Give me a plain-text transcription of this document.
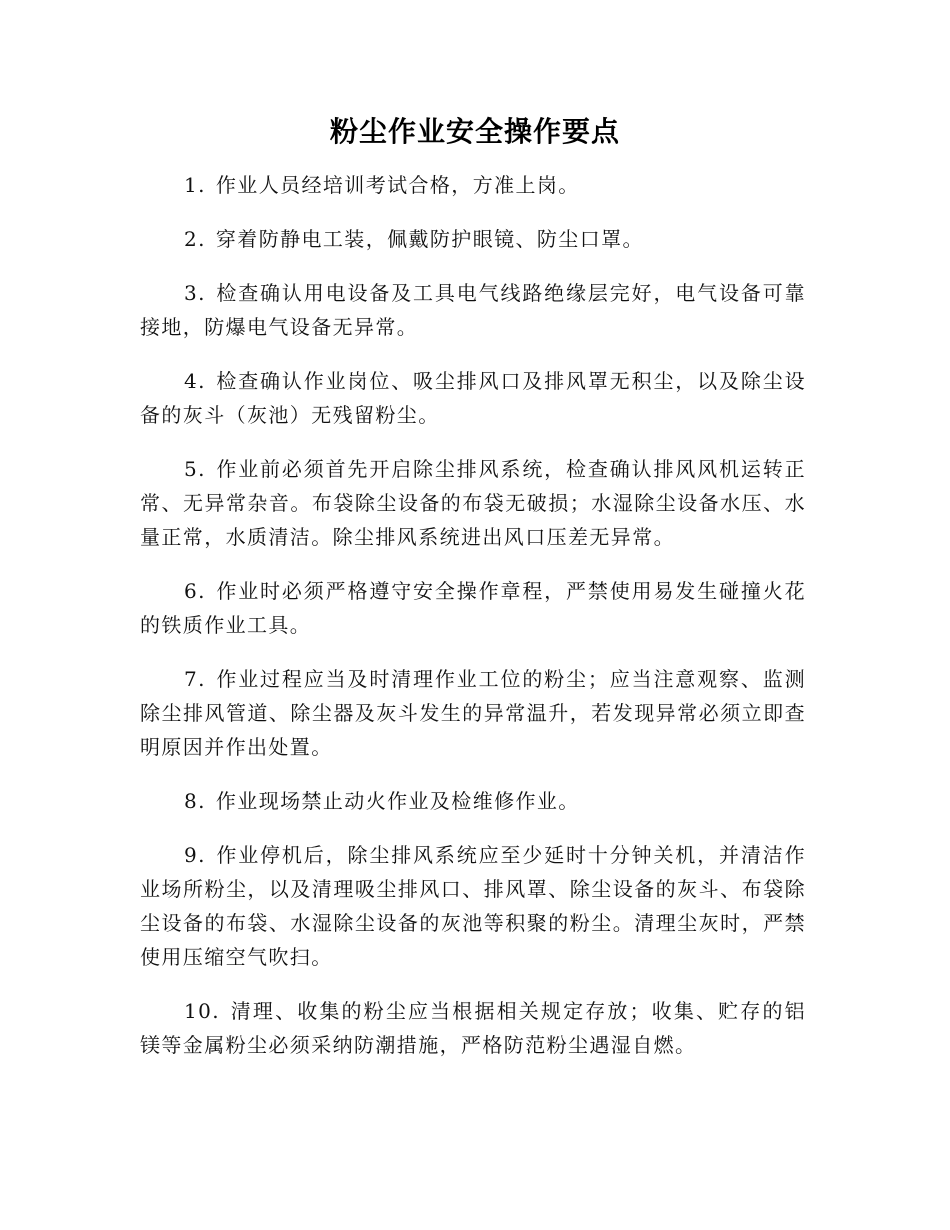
粉尘作业安全操作要点

1. 作业人员经培训考试合格，方准上岗。

2. 穿着防静电工装，佩戴防护眼镜、防尘口罩。

3. 检查确认用电设备及工具电气线路绝缘层完好，电气设备可靠接地，防爆电气设备无异常。

4. 检查确认作业岗位、吸尘排风口及排风罩无积尘，以及除尘设备的灰斗（灰池）无残留粉尘。

5. 作业前必须首先开启除尘排风系统，检查确认排风风机运转正常、无异常杂音。布袋除尘设备的布袋无破损；水湿除尘设备水压、水量正常，水质清洁。除尘排风系统进出风口压差无异常。

6. 作业时必须严格遵守安全操作章程，严禁使用易发生碰撞火花的铁质作业工具。

7. 作业过程应当及时清理作业工位的粉尘；应当注意观察、监测除尘排风管道、除尘器及灰斗发生的异常温升，若发现异常必须立即查明原因并作出处置。

8. 作业现场禁止动火作业及检维修作业。

9. 作业停机后，除尘排风系统应至少延时十分钟关机，并清洁作业场所粉尘，以及清理吸尘排风口、排风罩、除尘设备的灰斗、布袋除尘设备的布袋、水湿除尘设备的灰池等积聚的粉尘。清理尘灰时，严禁使用压缩空气吹扫。

10. 清理、收集的粉尘应当根据相关规定存放；收集、贮存的铝镁等金属粉尘必须采纳防潮措施，严格防范粉尘遇湿自燃。
